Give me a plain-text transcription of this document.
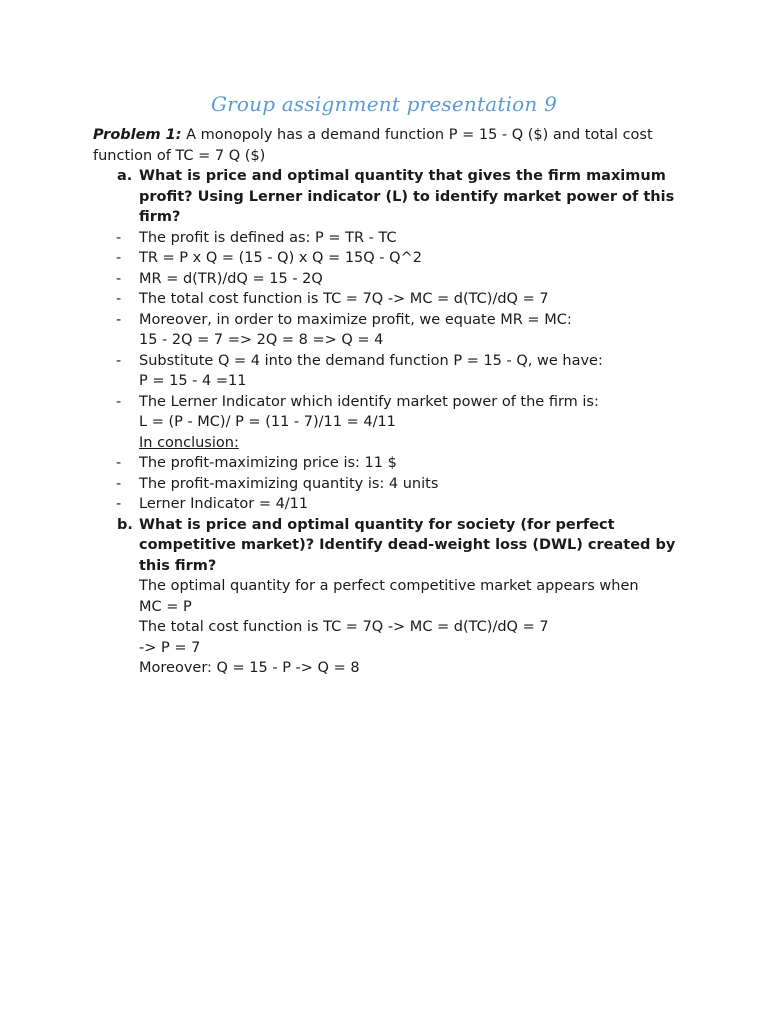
Group assignment presentation 9

Problem 1: A monopoly has a demand function P = 15 - Q ($) and total cost
function of TC = 7 Q ($)

a. What is price and optimal quantity that gives the firm maximum
profit? Using Lerner indicator (L) to identify market power of this
firm?
- The profit is defined as: P = TR - TC
- TR = P x Q = (15 - Q) x Q = 15Q - Q^2
- MR = d(TR)/dQ = 15 - 2Q
- The total cost function is TC = 7Q -> MC = d(TC)/dQ = 7
- Moreover, in order to maximize profit, we equate MR = MC:
15 - 2Q = 7 => 2Q = 8 => Q = 4
- Substitute Q = 4 into the demand function P = 15 - Q, we have:
P = 15 - 4 =11
- The Lerner Indicator which identify market power of the firm is:
L = (P - MC)/ P = (11 - 7)/11 = 4/11
In conclusion:
- The profit-maximizing price is: 11 $
- The profit-maximizing quantity is: 4 units
- Lerner Indicator = 4/11
b. What is price and optimal quantity for society (for perfect
competitive market)? Identify dead-weight loss (DWL) created by
this firm?
The optimal quantity for a perfect competitive market appears when
MC = P
The total cost function is TC = 7Q -> MC = d(TC)/dQ = 7
-> P = 7
Moreover: Q = 15 - P -> Q = 8
